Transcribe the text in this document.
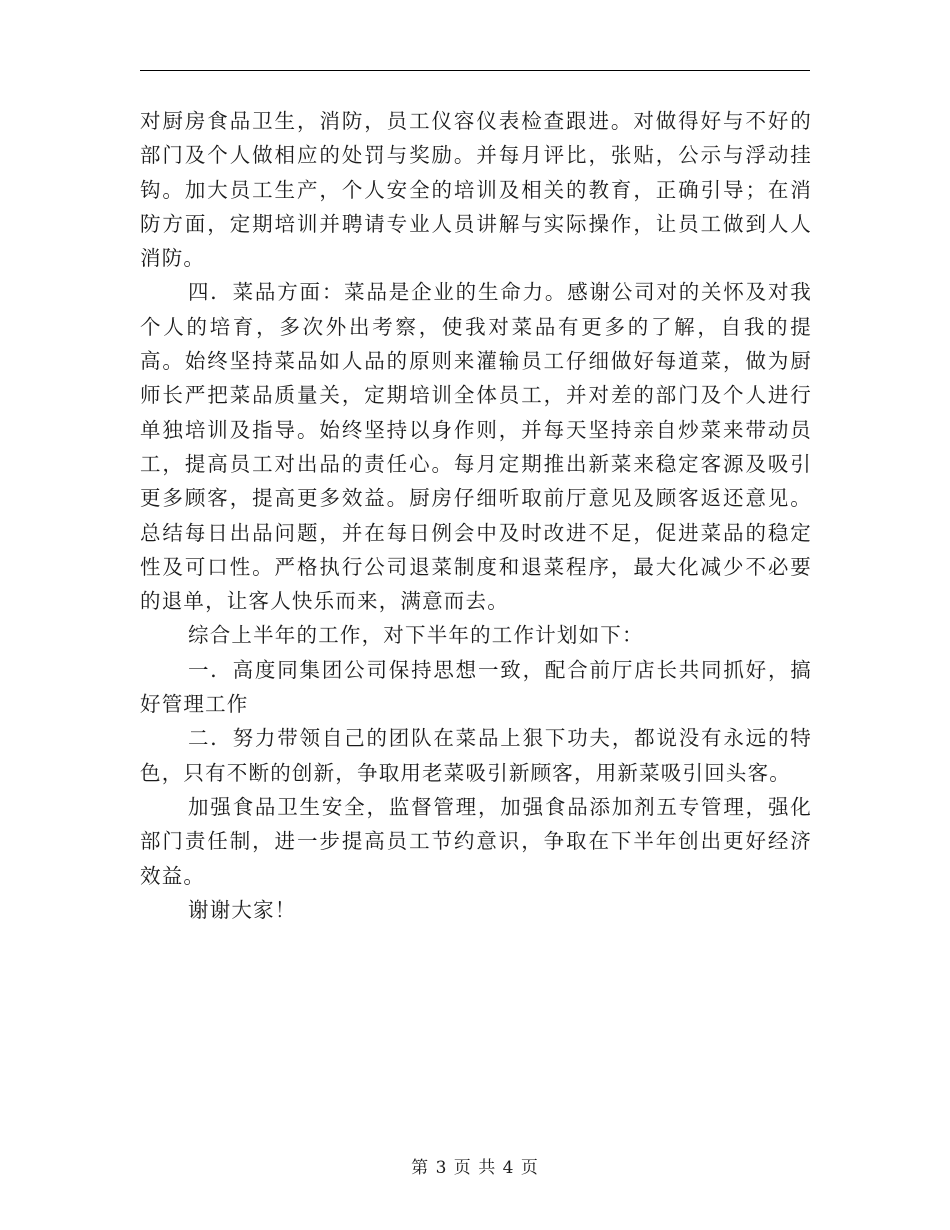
对厨房食品卫生，消防，员工仪容仪表检查跟进。对做得好与不好的部门及个人做相应的处罚与奖励。并每月评比，张贴，公示与浮动挂钩。加大员工生产，个人安全的培训及相关的教育，正确引导；在消防方面，定期培训并聘请专业人员讲解与实际操作，让员工做到人人消防。

四．菜品方面：菜品是企业的生命力。感谢公司对的关怀及对我个人的培育，多次外出考察，使我对菜品有更多的了解，自我的提高。始终坚持菜品如人品的原则来灌输员工仔细做好每道菜，做为厨师长严把菜品质量关，定期培训全体员工，并对差的部门及个人进行单独培训及指导。始终坚持以身作则，并每天坚持亲自炒菜来带动员工，提高员工对出品的责任心。每月定期推出新菜来稳定客源及吸引更多顾客，提高更多效益。厨房仔细听取前厅意见及顾客返还意见。总结每日出品问题，并在每日例会中及时改进不足，促进菜品的稳定性及可口性。严格执行公司退菜制度和退菜程序，最大化减少不必要的退单，让客人快乐而来，满意而去。

综合上半年的工作，对下半年的工作计划如下：

一．高度同集团公司保持思想一致，配合前厅店长共同抓好，搞好管理工作

二．努力带领自己的团队在菜品上狠下功夫，都说没有永远的特色，只有不断的创新，争取用老菜吸引新顾客，用新菜吸引回头客。

加强食品卫生安全，监督管理，加强食品添加剂五专管理，强化部门责任制，进一步提高员工节约意识，争取在下半年创出更好经济效益。

谢谢大家！

第 3 页 共 4 页
